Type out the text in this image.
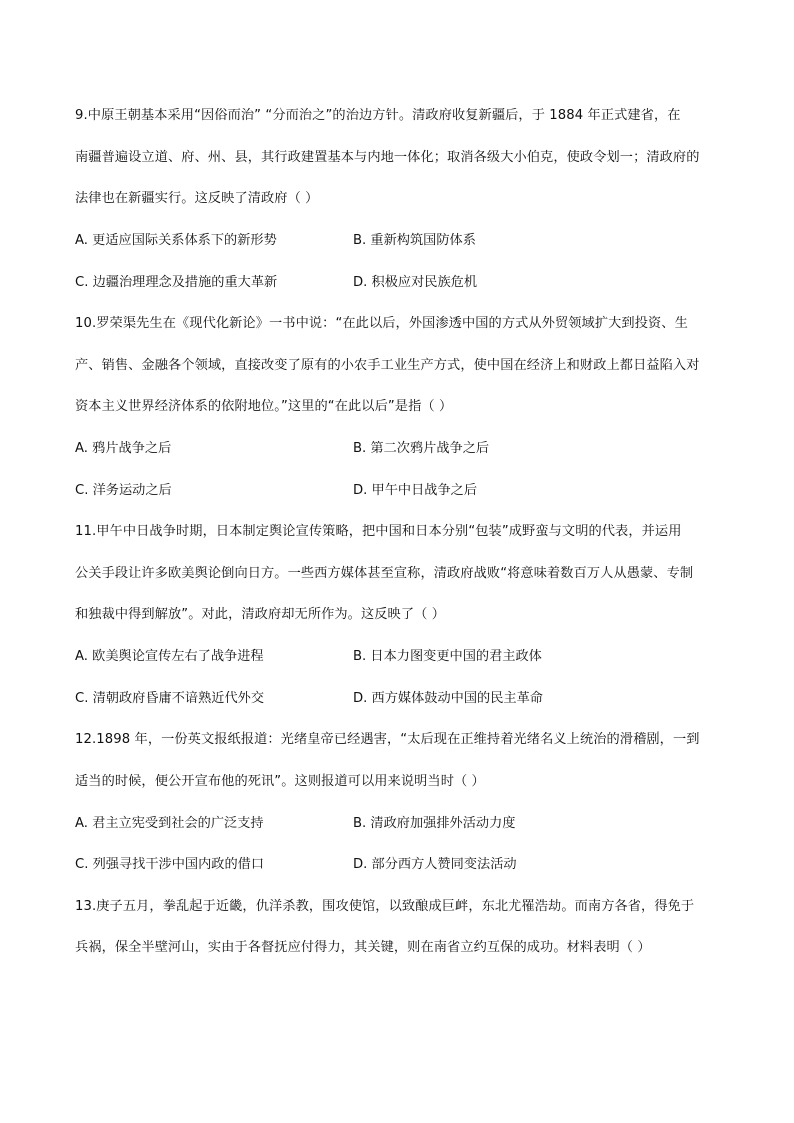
9.中原王朝基本采用“因俗而治” “分而治之”的治边方针。清政府收复新疆后，于 1884 年正式建省，在
南疆普遍设立道、府、州、县，其行政建置基本与内地一体化；取消各级大小伯克，使政令划一；清政府的
法律也在新疆实行。这反映了清政府（ ）
A. 更适应国际关系体系下的新形势	B. 重新构筑国防体系
C. 边疆治理理念及措施的重大革新	D. 积极应对民族危机
10.罗荣渠先生在《现代化新论》一书中说：“在此以后，外国渗透中国的方式从外贸领域扩大到投资、生
产、销售、金融各个领域，直接改变了原有的小农手工业生产方式，使中国在经济上和财政上都日益陷入对
资本主义世界经济体系的依附地位。”这里的“在此以后”是指（ ）
A. 鸦片战争之后	B. 第二次鸦片战争之后
C. 洋务运动之后	D. 甲午中日战争之后
11.甲午中日战争时期，日本制定舆论宣传策略，把中国和日本分别“包装”成野蛮与文明的代表，并运用
公关手段让许多欧美舆论倒向日方。一些西方媒体甚至宣称，清政府战败“将意味着数百万人从愚蒙、专制
和独裁中得到解放”。对此，清政府却无所作为。这反映了（ ）
A. 欧美舆论宣传左右了战争进程	B. 日本力图变更中国的君主政体
C. 清朝政府昏庸不谙熟近代外交	D. 西方媒体鼓动中国的民主革命
12.1898 年，一份英文报纸报道：光绪皇帝已经遇害，“太后现在正维持着光绪名义上统治的滑稽剧，一到
适当的时候，便公开宣布他的死讯”。这则报道可以用来说明当时（ ）
A. 君主立宪受到社会的广泛支持	B. 清政府加强排外活动力度
C. 列强寻找干涉中国内政的借口	D. 部分西方人赞同变法活动
13.庚子五月，拳乱起于近畿，仇洋杀教，围攻使馆，以致酿成巨衅，东北尤罹浩劫。而南方各省，得免于
兵祸，保全半壁河山，实由于各督抚应付得力，其关键，则在南省立约互保的成功。材料表明（ ）
